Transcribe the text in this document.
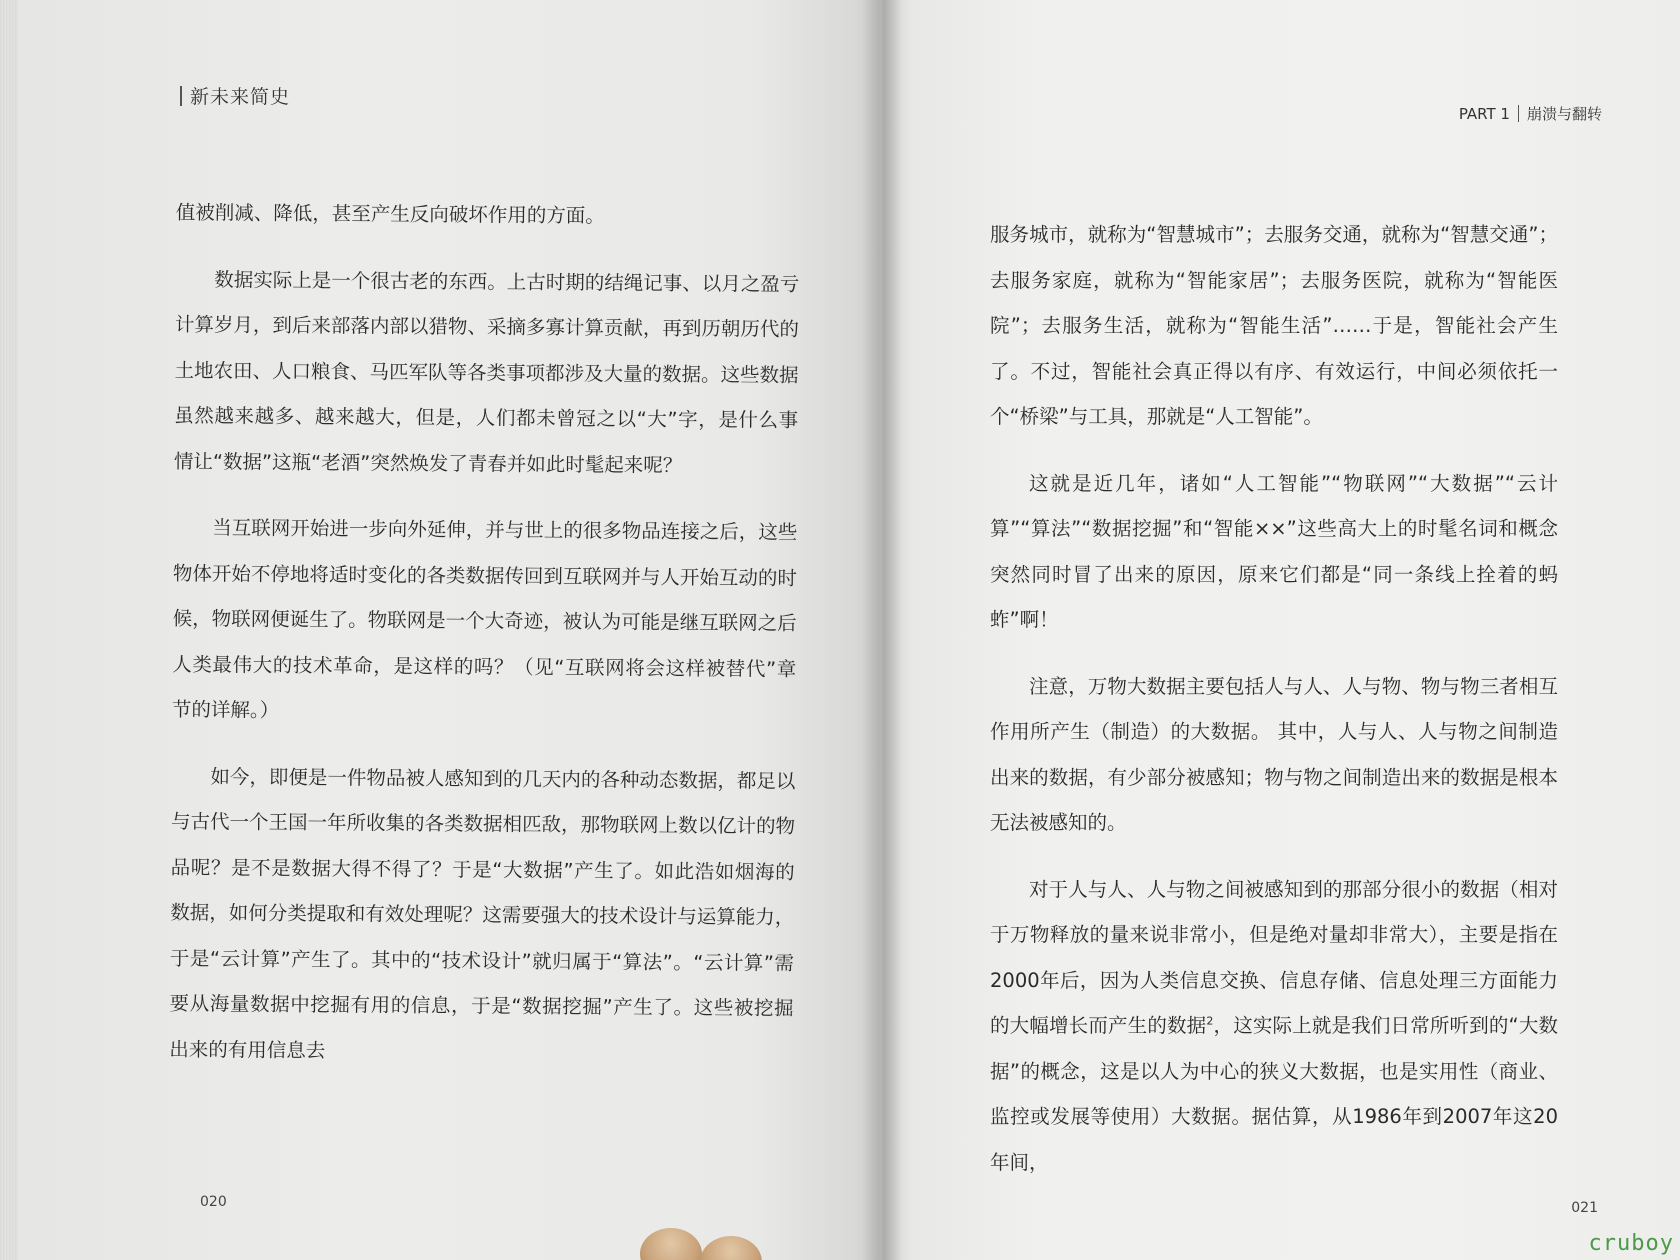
新未来简史

值被削减、降低，甚至产生反向破坏作用的方面。

数据实际上是一个很古老的东西。上古时期的结绳记事、以月之盈亏计算岁月，到后来部落内部以猎物、采摘多寡计算贡献，再到历朝历代的土地农田、人口粮食、马匹军队等各类事项都涉及大量的数据。这些数据虽然越来越多、越来越大，但是，人们都未曾冠之以“大”字，是什么事情让“数据”这瓶“老酒”突然焕发了青春并如此时髦起来呢？

当互联网开始进一步向外延伸，并与世上的很多物品连接之后，这些物体开始不停地将适时变化的各类数据传回到互联网并与人开始互动的时候，物联网便诞生了。物联网是一个大奇迹，被认为可能是继互联网之后人类最伟大的技术革命，是这样的吗？（见“互联网将会这样被替代”章节的详解。）

如今，即便是一件物品被人感知到的几天内的各种动态数据，都足以与古代一个王国一年所收集的各类数据相匹敌，那物联网上数以亿计的物品呢？是不是数据大得不得了？于是“大数据”产生了。如此浩如烟海的数据，如何分类提取和有效处理呢？这需要强大的技术设计与运算能力，于是“云计算”产生了。其中的“技术设计”就归属于“算法”。“云计算”需要从海量数据中挖掘有用的信息，于是“数据挖掘”产生了。这些被挖掘出来的有用信息去

020
PART 1 崩溃与翻转

服务城市，就称为“智慧城市”；去服务交通，就称为“智慧交通”；去服务家庭，就称为“智能家居”；去服务医院，就称为“智能医院”；去服务生活，就称为“智能生活”……于是，智能社会产生了。不过，智能社会真正得以有序、有效运行，中间必须依托一个“桥梁”与工具，那就是“人工智能”。

这就是近几年，诸如“人工智能”“物联网”“大数据”“云计算”“算法”“数据挖掘”和“智能××”这些高大上的时髦名词和概念突然同时冒了出来的原因，原来它们都是“同一条线上拴着的蚂蚱”啊！

注意，万物大数据主要包括人与人、人与物、物与物三者相互作用所产生（制造）的大数据。 其中，人与人、人与物之间制造出来的数据，有少部分被感知；物与物之间制造出来的数据是根本无法被感知的。

对于人与人、人与物之间被感知到的那部分很小的数据（相对于万物释放的量来说非常小，但是绝对量却非常大），主要是指在2000年后，因为人类信息交换、信息存储、信息处理三方面能力的大幅增长而产生的数据$^2$，这实际上就是我们日常所听到的“大数据”的概念，这是以人为中心的狭义大数据，也是实用性（商业、监控或发展等使用）大数据。据估算，从1986年到2007年这20年间，

021
cruboy
